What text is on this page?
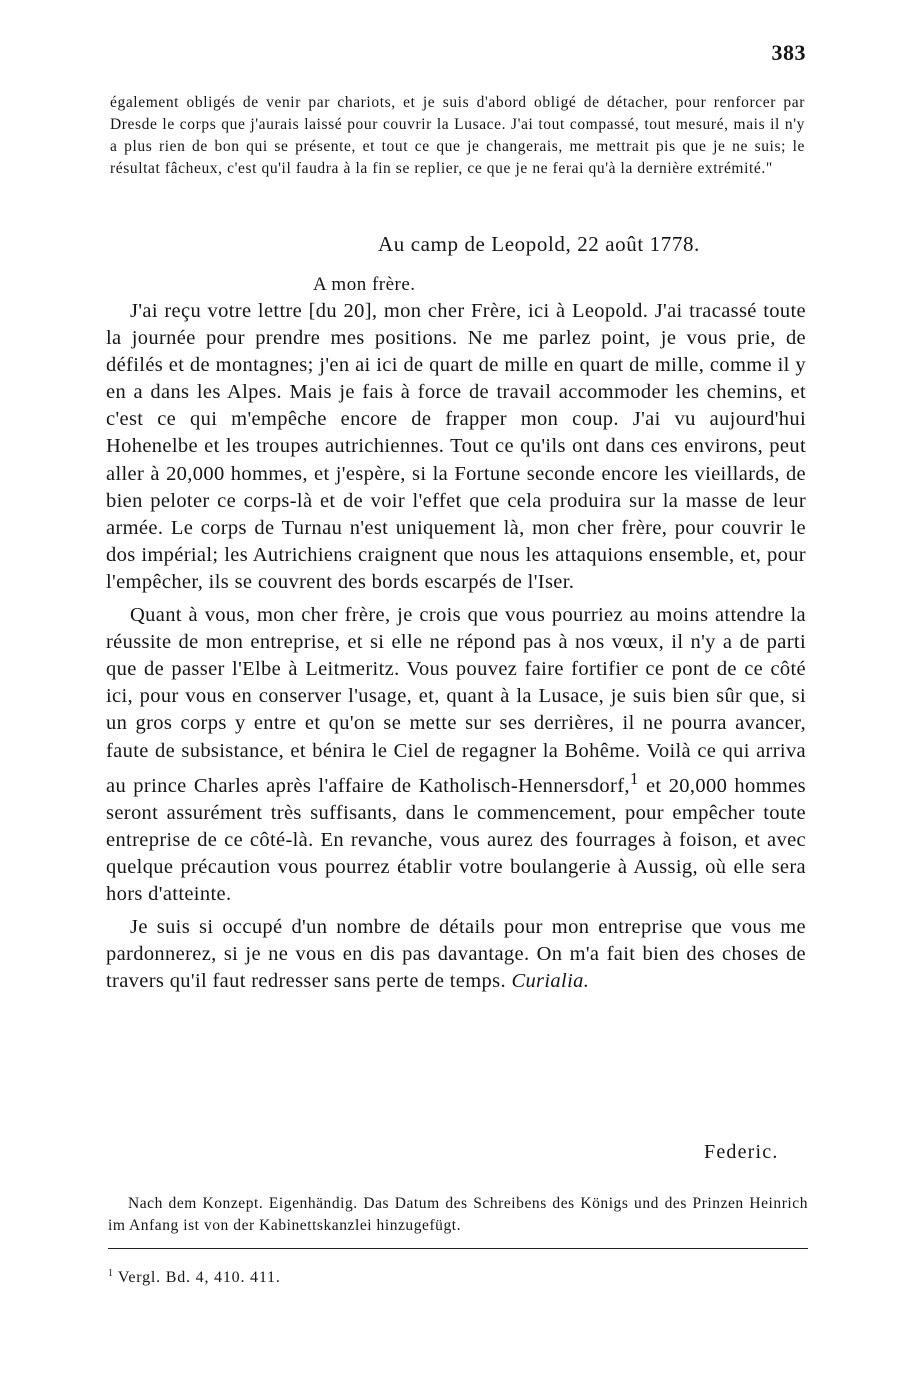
383
également obligés de venir par chariots, et je suis d'abord obligé de détacher, pour renforcer par Dresde le corps que j'aurais laissé pour couvrir la Lusace. J'ai tout compassé, tout mesuré, mais il n'y a plus rien de bon qui se présente, et tout ce que je changerais, me mettrait pis que je ne suis; le résultat fâcheux, c'est qu'il faudra à la fin se replier, ce que je ne ferai qu'à la dernière extrémité."
Au camp de Leopold, 22 août 1778.
A mon frère.

J'ai reçu votre lettre [du 20], mon cher Frère, ici à Leopold. J'ai tracassé toute la journée pour prendre mes positions. Ne me parlez point, je vous prie, de défilés et de montagnes; j'en ai ici de quart de mille en quart de mille, comme il y en a dans les Alpes. Mais je fais à force de travail accommoder les chemins, et c'est ce qui m'empêche encore de frapper mon coup. J'ai vu aujourd'hui Hohenelbe et les troupes autrichiennes. Tout ce qu'ils ont dans ces environs, peut aller à 20,000 hommes, et j'espère, si la Fortune seconde encore les vieillards, de bien peloter ce corps-là et de voir l'effet que cela produira sur la masse de leur armée. Le corps de Turnau n'est uniquement là, mon cher frère, pour couvrir le dos impérial; les Autrichiens craignent que nous les attaquions ensemble, et, pour l'empêcher, ils se couvrent des bords escarpés de l'Iser.

Quant à vous, mon cher frère, je crois que vous pourriez au moins attendre la réussite de mon entreprise, et si elle ne répond pas à nos vœux, il n'y a de parti que de passer l'Elbe à Leitmeritz. Vous pouvez faire fortifier ce pont de ce côté ici, pour vous en conserver l'usage, et, quant à la Lusace, je suis bien sûr que, si un gros corps y entre et qu'on se mette sur ses derrières, il ne pourra avancer, faute de subsistance, et bénira le Ciel de regagner la Bohême. Voilà ce qui arriva au prince Charles après l'affaire de Katholisch-Hennersdorf,$^1$ et 20,000 hommes seront assurément très suffisants, dans le commencement, pour empêcher toute entreprise de ce côté-là. En revanche, vous aurez des fourrages à foison, et avec quelque précaution vous pourrez établir votre boulangerie à Aussig, où elle sera hors d'atteinte.

Je suis si occupé d'un nombre de détails pour mon entreprise que vous me pardonnerez, si je ne vous en dis pas davantage. On m'a fait bien des choses de travers qu'il faut redresser sans perte de temps. Curialia.

Federic.
Nach dem Konzept. Eigenhändig. Das Datum des Schreibens des Königs und des Prinzen Heinrich im Anfang ist von der Kabinettskanzlei hinzugefügt.
$^1$ Vergl. Bd. 4, 410. 411.
